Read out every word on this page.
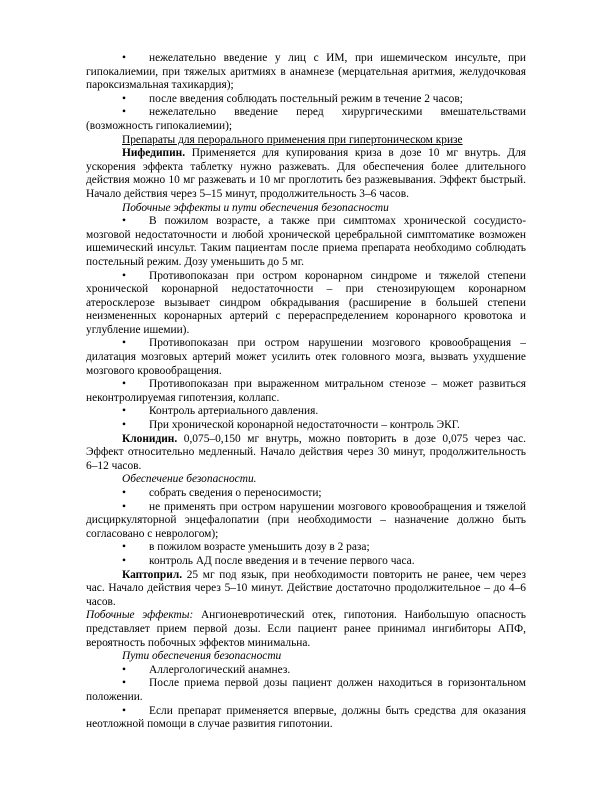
• нежелательно введение у лиц с ИМ, при ишемическом инсульте, при гипокалиемии, при тяжелых аритмиях в анамнезе (мерцательная аритмия, желудочковая пароксизмальная тахикардия);

• после введения соблюдать постельный режим в течение 2 часов;

• нежелательно введение перед хирургическими вмешательствами (возможность гипокалиемии);

Препараты для перорального применения при гипертоническом кризе

Нифедипин. Применяется для купирования криза в дозе 10 мг внутрь. Для ускорения эффекта таблетку нужно разжевать. Для обеспечения более длительного действия можно 10 мг разжевать и 10 мг проглотить без разжевывания. Эффект быстрый. Начало действия через 5–15 минут, продолжительность 3–6 часов.

Побочные эффекты и пути обеспечения безопасности

• В пожилом возрасте, а также при симптомах хронической сосудисто-мозговой недостаточности и любой хронической церебральной симптоматике возможен ишемический инсульт. Таким пациентам после приема препарата необходимо соблюдать постельный режим. Дозу уменьшить до 5 мг.

• Противопоказан при остром коронарном синдроме и тяжелой степени хронической коронарной недостаточности – при стенозирующем коронарном атеросклерозе вызывает синдром обкрадывания (расширение в большей степени неизмененных коронарных артерий с перераспределением коронарного кровотока и углубление ишемии).

• Противопоказан при остром нарушении мозгового кровообращения – дилатация мозговых артерий может усилить отек головного мозга, вызвать ухудшение мозгового кровообращения.

• Противопоказан при выраженном митральном стенозе – может развиться неконтролируемая гипотензия, коллапс.

• Контроль артериального давления.

• При хронической коронарной недостаточности – контроль ЭКГ.

Клонидин. 0,075–0,150 мг внутрь, можно повторить в дозе 0,075 через час. Эффект относительно медленный. Начало действия через 30 минут, продолжительность 6–12 часов.

Обеспечение безопасности.

• собрать сведения о переносимости;

• не применять при остром нарушении мозгового кровообращения и тяжелой дисциркуляторной энцефалопатии (при необходимости – назначение должно быть согласовано с неврологом);

• в пожилом возрасте уменьшить дозу в 2 раза;

• контроль АД после введения и в течение первого часа.

Каптоприл. 25 мг под язык, при необходимости повторить не ранее, чем через час. Начало действия через 5–10 минут. Действие достаточно продолжительное – до 4–6 часов.

Побочные эффекты: Ангионевротический отек, гипотония. Наибольшую опасность представляет прием первой дозы. Если пациент ранее принимал ингибиторы АПФ, вероятность побочных эффектов минимальна.

Пути обеспечения безопасности

• Аллергологический анамнез.

• После приема первой дозы пациент должен находиться в горизонтальном положении.

• Если препарат применяется впервые, должны быть средства для оказания неотложной помощи в случае развития гипотонии.
